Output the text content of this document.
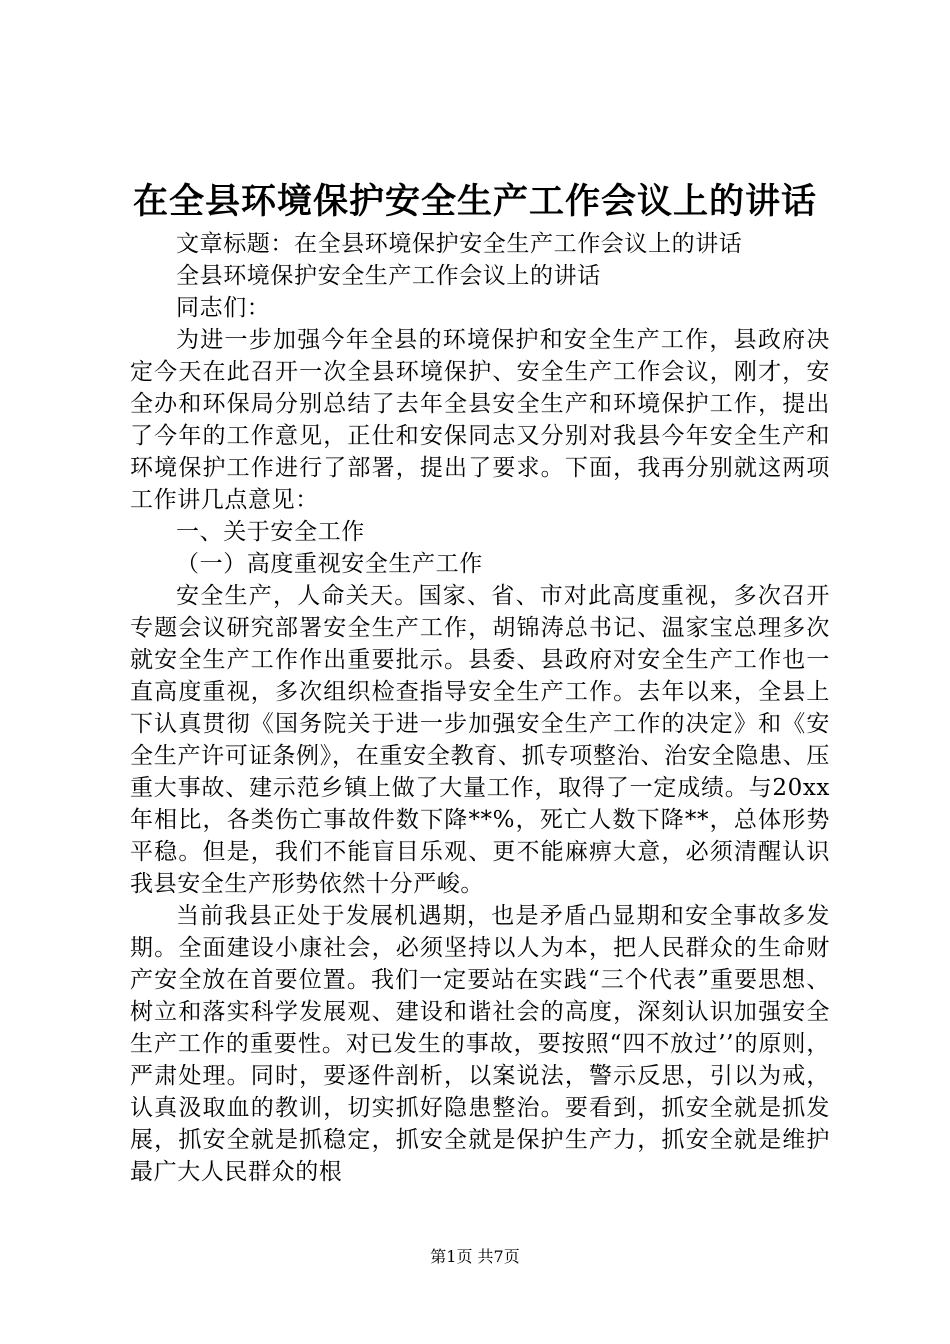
在全县环境保护安全生产工作会议上的讲话

文章标题：在全县环境保护安全生产工作会议上的讲话

全县环境保护安全生产工作会议上的讲话

同志们：

为进一步加强今年全县的环境保护和安全生产工作，县政府决定今天在此召开一次全县环境保护、安全生产工作会议，刚才，安全办和环保局分别总结了去年全县安全生产和环境保护工作，提出了今年的工作意见，正仕和安保同志又分别对我县今年安全生产和环境保护工作进行了部署，提出了要求。下面，我再分别就这两项工作讲几点意见：

一、关于安全工作

（一）高度重视安全生产工作

安全生产，人命关天。国家、省、市对此高度重视，多次召开专题会议研究部署安全生产工作，胡锦涛总书记、温家宝总理多次就安全生产工作作出重要批示。县委、县政府对安全生产工作也一直高度重视，多次组织检查指导安全生产工作。去年以来，全县上下认真贯彻《国务院关于进一步加强安全生产工作的决定》和《安全生产许可证条例》，在重安全教育、抓专项整治、治安全隐患、压重大事故、建示范乡镇上做了大量工作，取得了一定成绩。与20xx年相比，各类伤亡事故件数下降**%，死亡人数下降**，总体形势平稳。但是，我们不能盲目乐观、更不能麻痹大意，必须清醒认识我县安全生产形势依然十分严峻。

当前我县正处于发展机遇期，也是矛盾凸显期和安全事故多发期。全面建设小康社会，必须坚持以人为本，把人民群众的生命财产安全放在首要位置。我们一定要站在实践“三个代表”重要思想、树立和落实科学发展观、建设和谐社会的高度，深刻认识加强安全生产工作的重要性。对已发生的事故，要按照“四不放过’’的原则，严肃处理。同时，要逐件剖析，以案说法，警示反思，引以为戒，认真汲取血的教训，切实抓好隐患整治。要看到，抓安全就是抓发展，抓安全就是抓稳定，抓安全就是保护生产力，抓安全就是维护最广大人民群众的根

第1页 共7页
